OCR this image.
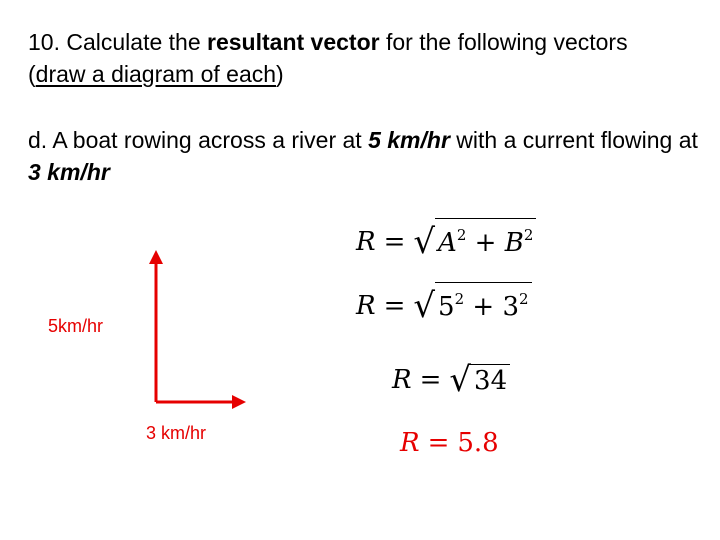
10. Calculate the resultant vector for the following vectors
(draw a diagram of each)
d. A boat rowing across a river at 5 km/hr with a current flowing at 3 km/hr
5km/hr
3 km/hr
R = √ $A^2 + B^2$
R = √ $5^2 + 3^2$
R = √ 34
R = 5.8
